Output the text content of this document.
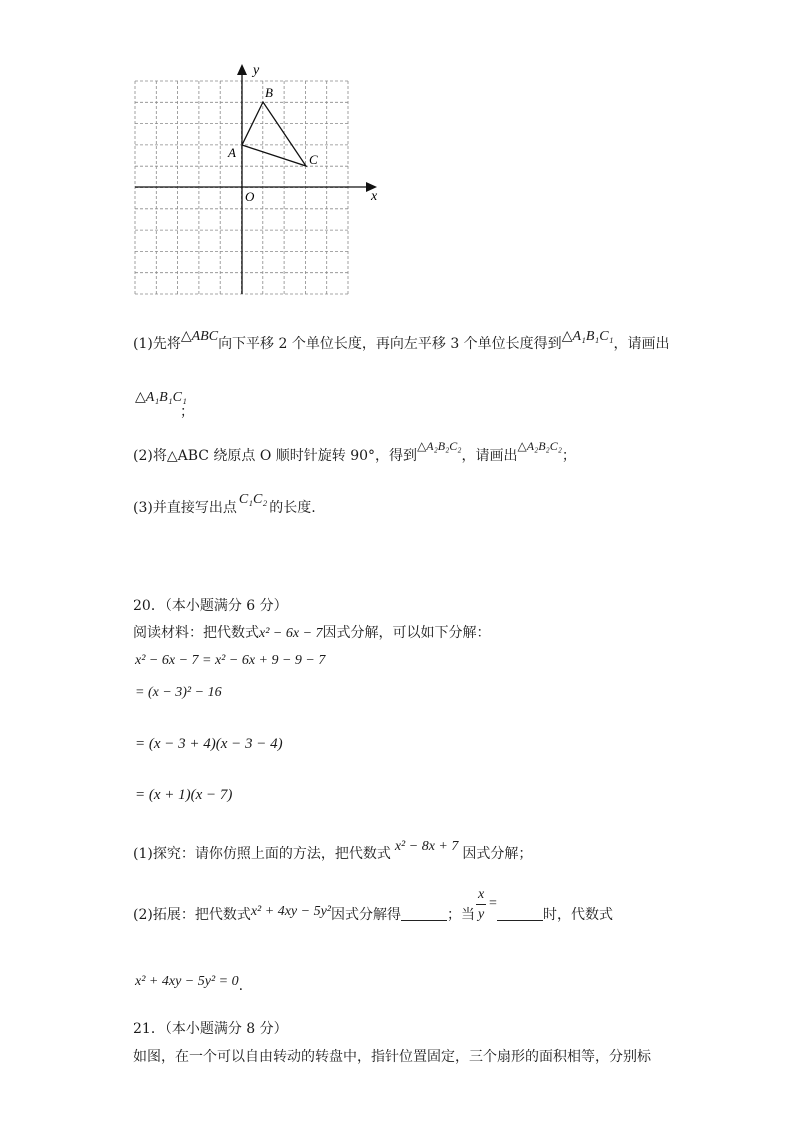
y
x
O
A
B
C
(1)先将△ABC向下平移 2 个单位长度，再向左平移 3 个单位长度得到△A₁B₁C₁，请画出
△A₁B₁C₁
；
(2)将△ABC 绕原点 O 顺时针旋转 90°，得到△A₂B₂C₂，请画出△A₂B₂C₂；
(3)并直接写出点C₁C₂的长度.
20．（本小题满分 6 分）
阅读材料：把代数式x² − 6x − 7因式分解，可以如下分解：
x² − 6x − 7 = x² − 6x + 9 − 9 − 7
= (x − 3)² − 16
= (x − 3 + 4)(x − 3 − 4)
= (x + 1)(x − 7)
(1)探究：请你仿照上面的方法，把代数式 x² − 8x + 7 因式分解；
(2)拓展：把代数式x² + 4xy − 5y²因式分解得	；当
x
y
=
时，代数式
x² + 4xy − 5y² = 0.
21．（本小题满分 8 分）
如图，在一个可以自由转动的转盘中，指针位置固定，三个扇形的面积相等，分别标
